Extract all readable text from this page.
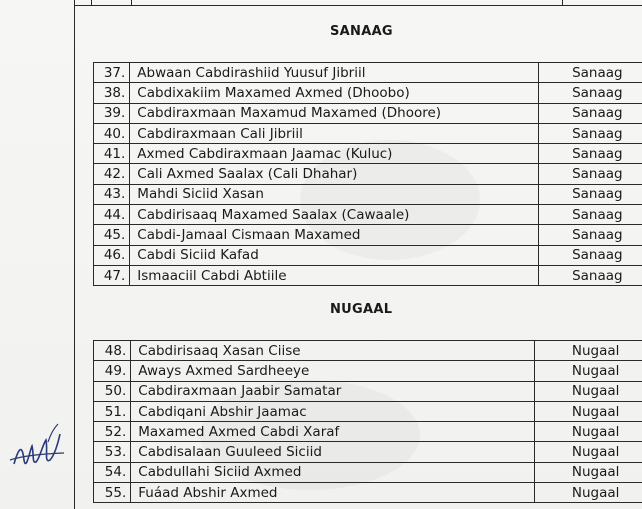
SANAAG
37.	Abwaan Cabdirashiid Yuusuf Jibriil	Sanaag
38.	Cabdixakiim Maxamed Axmed (Dhoobo)	Sanaag
39.	Cabdiraxmaan Maxamud Maxamed (Dhoore)	Sanaag
40.	Cabdiraxmaan Cali Jibriil	Sanaag
41.	Axmed Cabdiraxmaan Jaamac (Kuluc)	Sanaag
42.	Cali Axmed Saalax (Cali Dhahar)	Sanaag
43.	Mahdi Siciid Xasan	Sanaag
44.	Cabdirisaaq Maxamed Saalax (Cawaale)	Sanaag
45.	Cabdi-Jamaal Cismaan Maxamed	Sanaag
46.	Cabdi Siciid Kafad	Sanaag
47.	Ismaaciil Cabdi Abtiile	Sanaag
NUGAAL
48.	Cabdirisaaq Xasan Ciise	Nugaal
49.	Aways Axmed Sardheeye	Nugaal
50.	Cabdiraxmaan Jaabir Samatar	Nugaal
51.	Cabdiqani Abshir Jaamac	Nugaal
52.	Maxamed Axmed Cabdi Xaraf	Nugaal
53.	Cabdisalaan Guuleed Siciid	Nugaal
54.	Cabdullahi Siciid Axmed	Nugaal
55.	Fuáad Abshir Axmed	Nugaal
